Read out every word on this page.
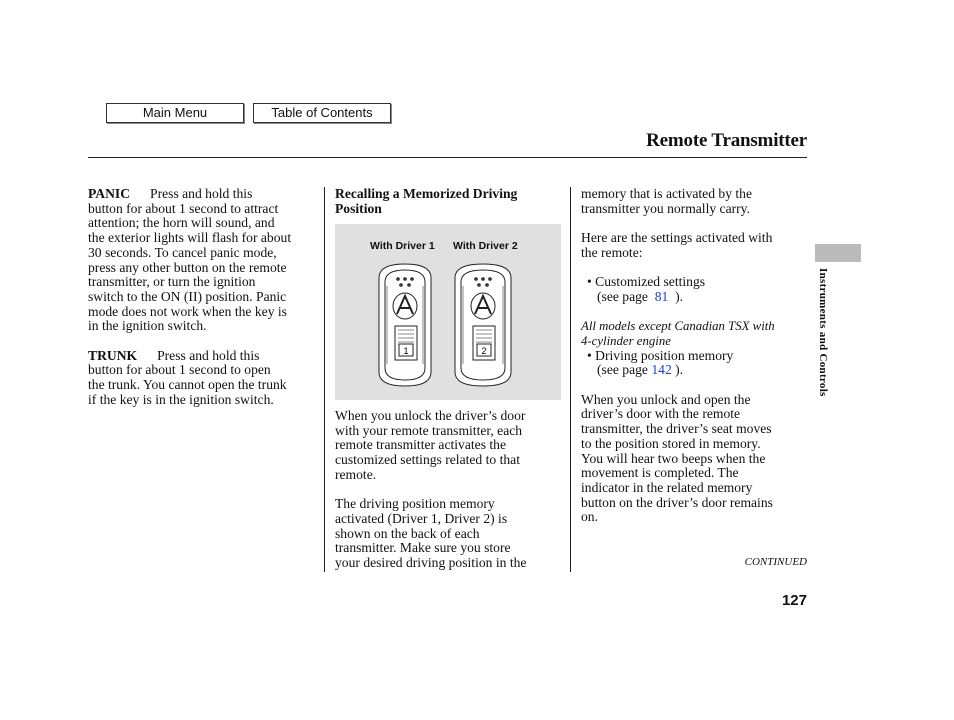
Main Menu	Table of Contents
Remote Transmitter
Instruments and Controls

PANIC Press and hold this

button for about 1 second to attract

attention; the horn will sound, and

the exterior lights will flash for about

30 seconds. To cancel panic mode,

press any other button on the remote

transmitter, or turn the ignition

switch to the ON (II) position. Panic

mode does not work when the key is

in the ignition switch.

TRUNK Press and hold this

button for about 1 second to open

the trunk. You cannot open the trunk

if the key is in the ignition switch.

Recalling a Memorized Driving

Position

With Driver 1 With Driver 2
1	2

When you unlock the driver’s door

with your remote transmitter, each

remote transmitter activates the

customized settings related to that

remote.

The driving position memory

activated (Driver 1, Driver 2) is

shown on the back of each

transmitter. Make sure you store

your desired driving position in the

memory that is activated by the

transmitter you normally carry.

Here are the settings activated with

the remote:

• Customized settings

(see page 81 ).

All models except Canadian TSX with

4-cylinder engine

• Driving position memory

(see page 142 ).

When you unlock and open the

driver’s door with the remote

transmitter, the driver’s seat moves

to the position stored in memory.

You will hear two beeps when the

movement is completed. The

indicator in the related memory

button on the driver’s door remains

on.

CONTINUED
127
